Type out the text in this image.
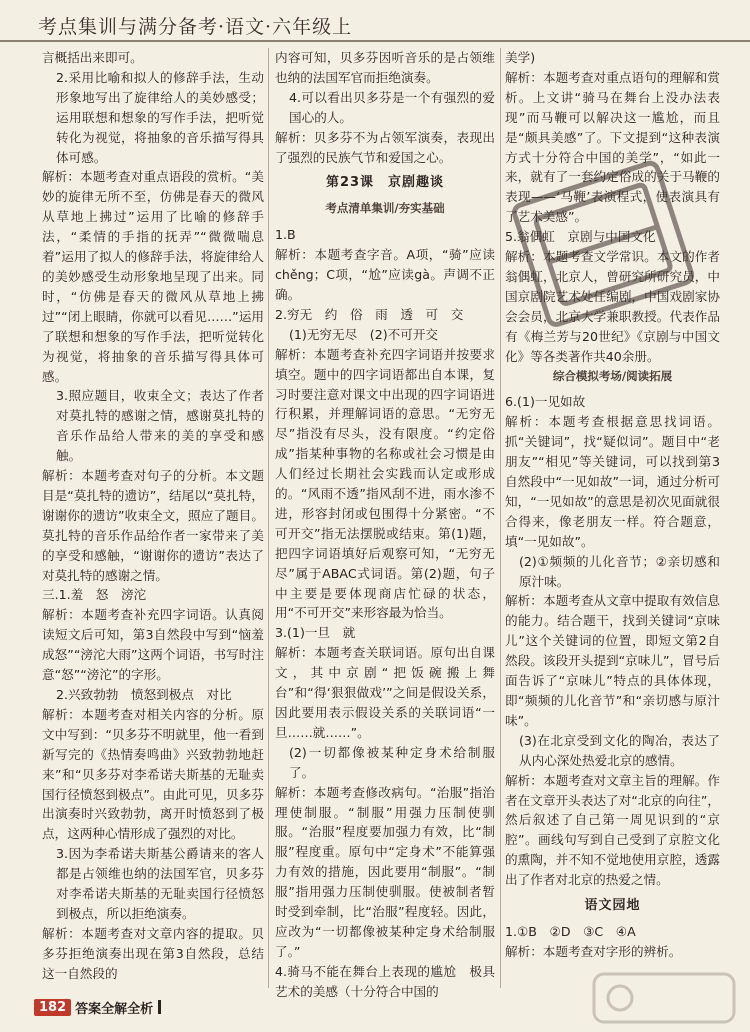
考点集训与满分备考·语文·六年级上

言概括出来即可。

2.采用比喻和拟人的修辞手法，生动形象地写出了旋律给人的美妙感受；运用联想和想象的写作手法，把听觉转化为视觉，将抽象的音乐描写得具体可感。

解析：本题考查对重点语段的赏析。“美妙的旋律无所不至，仿佛是春天的微风从草地上拂过”运用了比喻的修辞手法，“柔情的手指的抚弄”“微微喘息着”运用了拟人的修辞手法，将旋律给人的美妙感受生动形象地呈现了出来。同时，“仿佛是春天的微风从草地上拂过”“闭上眼睛，你就可以看见……”运用了联想和想象的写作手法，把听觉转化为视觉，将抽象的音乐描写得具体可感。

3.照应题目，收束全文；表达了作者对莫扎特的感谢之情，感谢莫扎特的音乐作品给人带来的美的享受和感触。

解析：本题考查对句子的分析。本文题目是“莫扎特的遗访”，结尾以“莫扎特，谢谢你的遗访”收束全文，照应了题目。莫扎特的音乐作品给作者一家带来了美的享受和感触，“谢谢你的遗访”表达了对莫扎特的感谢之情。

三.1.羞　怒　滂沱

解析：本题考查补充四字词语。认真阅读短文后可知，第3自然段中写到“恼羞成怒”“滂沱大雨”这两个词语，书写时注意“怒”“滂沱”的字形。

2.兴致勃勃　愤怒到极点　对比

解析：本题考查对相关内容的分析。原文中写到：“贝多芬不明就里，他一看到新写完的《热情奏鸣曲》兴致勃勃地赶来”和“贝多芬对李希诺夫斯基的无耻卖国行径愤怒到极点”。由此可见，贝多芬出演奏时兴致勃勃，离开时愤怒到了极点，这两种心情形成了强烈的对比。

3.因为李希诺夫斯基公爵请来的客人都是占领维也纳的法国军官，贝多芬对李希诺夫斯基的无耻卖国行径愤怒到极点，所以拒绝演奏。

解析：本题考查对文章内容的提取。贝多芬拒绝演奏出现在第3自然段，总结这一自然段的

内容可知，贝多芬因听音乐的是占领维也纳的法国军官而拒绝演奏。

4.可以看出贝多芬是一个有强烈的爱国心的人。

解析：贝多芬不为占领军演奏，表现出了强烈的民族气节和爱国之心。

第23课　京剧趣谈
考点清单集训/夯实基础

1.B

解析：本题考查字音。A项，“骑”应读chěng；C项，“尬”应读gà。声调不正确。

2.穷无　约　俗　雨　透　可　交

(1)无穷无尽　(2)不可开交

解析：本题考查补充四字词语并按要求填空。题中的四字词语都出自本课，复习时要注意对课文中出现的四字词语进行积累，并理解词语的意思。“无穷无尽”指没有尽头，没有限度。“约定俗成”指某种事物的名称或社会习惯是由人们经过长期社会实践而认定或形成的。“风雨不透”指风刮不进，雨水渗不进，形容封闭或包围得十分紧密。“不可开交”指无法摆脱或结束。第(1)题，把四字词语填好后观察可知，“无穷无尽”属于ABAC式词语。第(2)题，句子中主要是要体现商店忙碌的状态，用“不可开交”来形容最为恰当。

3.(1)一旦　就

解析：本题考查关联词语。原句出自课文，其中京剧“把饭碗搬上舞台”和“得‘狠狠做戏’”之间是假设关系，因此要用表示假设关系的关联词语“一旦……就……”。

(2)一切都像被某种定身术给制服了。

解析：本题考查修改病句。“治服”指治理使制服。“制服”用强力压制使驯服。“治服”程度要加强力有效，比“制服”程度重。原句中“定身术”不能算强力有效的措施，因此要用“制服”。“制服”指用强力压制使驯服。使被制者暂时受到牵制，比“治服”程度轻。因此，应改为“一切都像被某种定身术给制服了。”

4.骑马不能在舞台上表现的尴尬　极具艺术的美感（十分符合中国的

美学)

解析：本题考查对重点语句的理解和赏析。上文讲“骑马在舞台上没办法表现”而马鞭可以解决这一尴尬，而且是“颇具美感”了。下文提到“这种表演方式十分符合中国的美学”，“如此一来，就有了一套约定俗成的关于马鞭的表现——‘马鞭’表演程式，使表演具有了艺术美感”。

5.翁偶虹　京剧与中国文化

解析：本题考查文学常识。本文的作者翁偶虹，北京人，曾研究所研究员，中国京剧院艺术处任编剧，中国戏剧家协会会员，北京大学兼职教授。代表作品有《梅兰芳与20世纪》《京剧与中国文化》等各类著作共40余册。

综合模拟考场/阅读拓展

6.(1)一见如故

解析：本题考查根据意思找词语。抓“关键词”，找“疑似词”。题目中“老朋友”“相见”等关键词，可以找到第3自然段中“一见如故”一词，通过分析可知，“一见如故”的意思是初次见面就很合得来，像老朋友一样。符合题意，填“一见如故”。

(2)①频频的儿化音节；②亲切感和原汁味。

解析：本题考查从文章中提取有效信息的能力。结合题干，找到关键词“京味儿”这个关键词的位置，即短文第2自然段。该段开头提到“京味儿”，冒号后面告诉了“京味儿”特点的具体体现，即“频频的儿化音节”和“亲切感与原汁味”。

(3)在北京受到文化的陶冶，表达了从内心深处热爱北京的感情。

解析：本题考查对文章主旨的理解。作者在文章开头表达了对“北京的向往”，然后叙述了自己第一周见识到的“京腔”。画线句写到自己受到了京腔文化的熏陶，并不知不觉地使用京腔，透露出了作者对北京的热爱之情。

语文园地

1.①B　②D　③C　④A

解析：本题考查对字形的辨析。

182 答案全解全析
